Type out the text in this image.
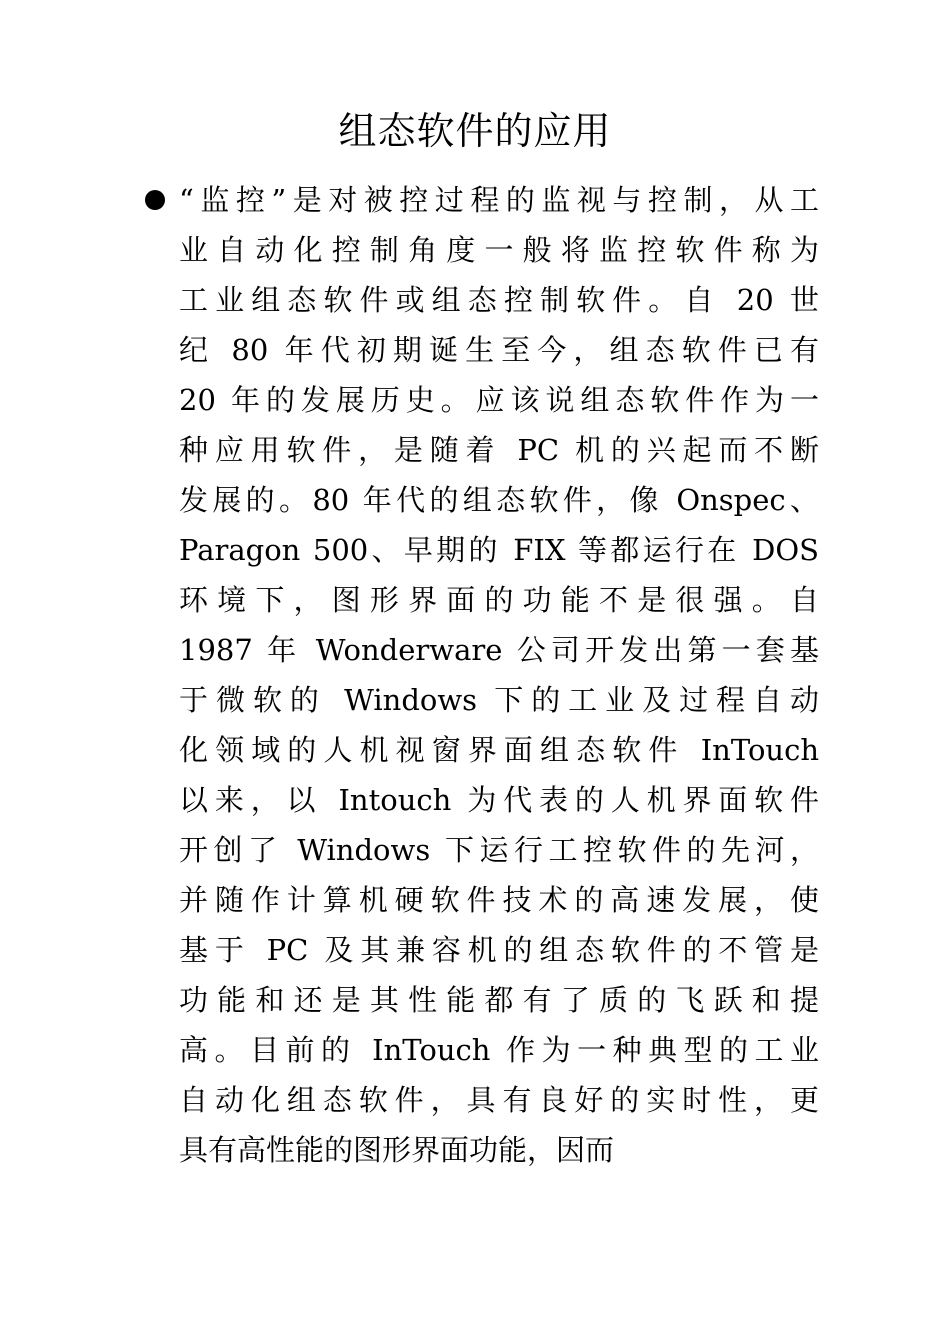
组态软件的应用
“监控”是对被控过程的监视与控制，从工
业自动化控制角度一般将监控软件称为
工业组态软件或组态控制软件。自 20 世
纪 80 年代初期诞生至今，组态软件已有
20 年的发展历史。应该说组态软件作为一
种应用软件，是随着 PC 机的兴起而不断
发展的。80 年代的组态软件，像 Onspec、
Paragon 500、早期的 FIX 等都运行在 DOS
环境下，图形界面的功能不是很强。自
1987 年 Wonderware 公司开发出第一套基
于微软的 Windows 下的工业及过程自动
化领域的人机视窗界面组态软件 InTouch
以来，以 Intouch 为代表的人机界面软件
开创了 Windows 下运行工控软件的先河，
并随作计算机硬软件技术的高速发展，使
基于 PC 及其兼容机的组态软件的不管是
功能和还是其性能都有了质的飞跃和提
高。目前的 InTouch 作为一种典型的工业
自动化组态软件，具有良好的实时性，更
具有高性能的图形界面功能，因而
